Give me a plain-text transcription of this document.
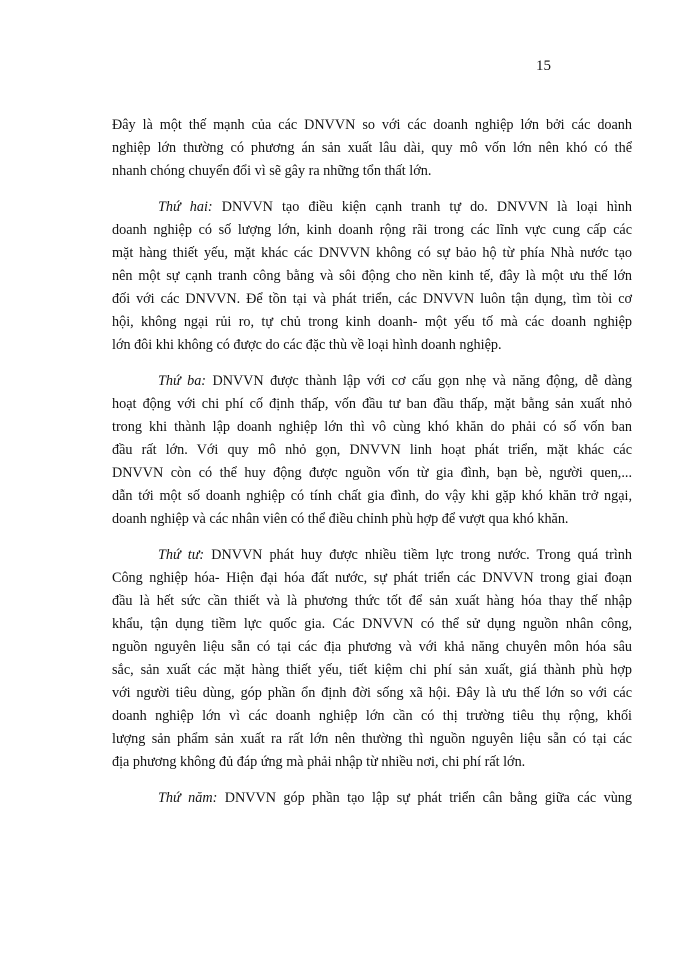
15
Đây là một thế mạnh của các DNVVN so với các doanh nghiệp lớn bởi các doanh
nghiệp lớn thường có phương án sản xuất lâu dài, quy mô vốn lớn nên khó có thể
nhanh chóng chuyển đổi vì sẽ gây ra những tổn thất lớn.
Thứ hai: DNVVN tạo điều kiện cạnh tranh tự do. DNVVN là loại hình
doanh nghiệp có số lượng lớn, kinh doanh rộng rãi trong các lĩnh vực cung cấp các
mặt hàng thiết yếu, mặt khác các DNVVN không có sự bảo hộ từ phía Nhà nước tạo
nên một sự cạnh tranh công bằng và sôi động cho nền kinh tế, đây là một ưu thế lớn
đối với các DNVVN. Để tồn tại và phát triển, các DNVVN luôn tận dụng, tìm tòi cơ
hội, không ngại rủi ro, tự chủ trong kinh doanh- một yếu tố mà các doanh nghiệp
lớn đôi khi không có được do các đặc thù về loại hình doanh nghiệp.
Thứ ba: DNVVN được thành lập với cơ cấu gọn nhẹ và năng động, dễ dàng
hoạt động với chi phí cố định thấp, vốn đầu tư ban đầu thấp, mặt bằng sản xuất nhỏ
trong khi thành lập doanh nghiệp lớn thì vô cùng khó khăn do phải có số vốn ban
đầu rất lớn. Với quy mô nhỏ gọn, DNVVN linh hoạt phát triển, mặt khác các
DNVVN còn có thể huy động được nguồn vốn từ gia đình, bạn bè, người quen,...
dẫn tới một số doanh nghiệp có tính chất gia đình, do vậy khi gặp khó khăn trở ngại,
doanh nghiệp và các nhân viên có thể điều chỉnh phù hợp để vượt qua khó khăn.
Thứ tư: DNVVN phát huy được nhiều tiềm lực trong nước. Trong quá trình
Công nghiệp hóa- Hiện đại hóa đất nước, sự phát triển các DNVVN trong giai đoạn
đầu là hết sức cần thiết và là phương thức tốt để sản xuất hàng hóa thay thế nhập
khẩu, tận dụng tiềm lực quốc gia. Các DNVVN có thể sử dụng nguồn nhân công,
nguồn nguyên liệu sẵn có tại các địa phương và với khả năng chuyên môn hóa sâu
sắc, sản xuất các mặt hàng thiết yếu, tiết kiệm chi phí sản xuất, giá thành phù hợp
với người tiêu dùng, góp phần ổn định đời sống xã hội. Đây là ưu thế lớn so với các
doanh nghiệp lớn vì các doanh nghiệp lớn cần có thị trường tiêu thụ rộng, khối
lượng sản phẩm sản xuất ra rất lớn nên thường thì nguồn nguyên liệu sẵn có tại các
địa phương không đủ đáp ứng mà phải nhập từ nhiều nơi, chi phí rất lớn.
Thứ năm: DNVVN góp phần tạo lập sự phát triển cân bằng giữa các vùng
